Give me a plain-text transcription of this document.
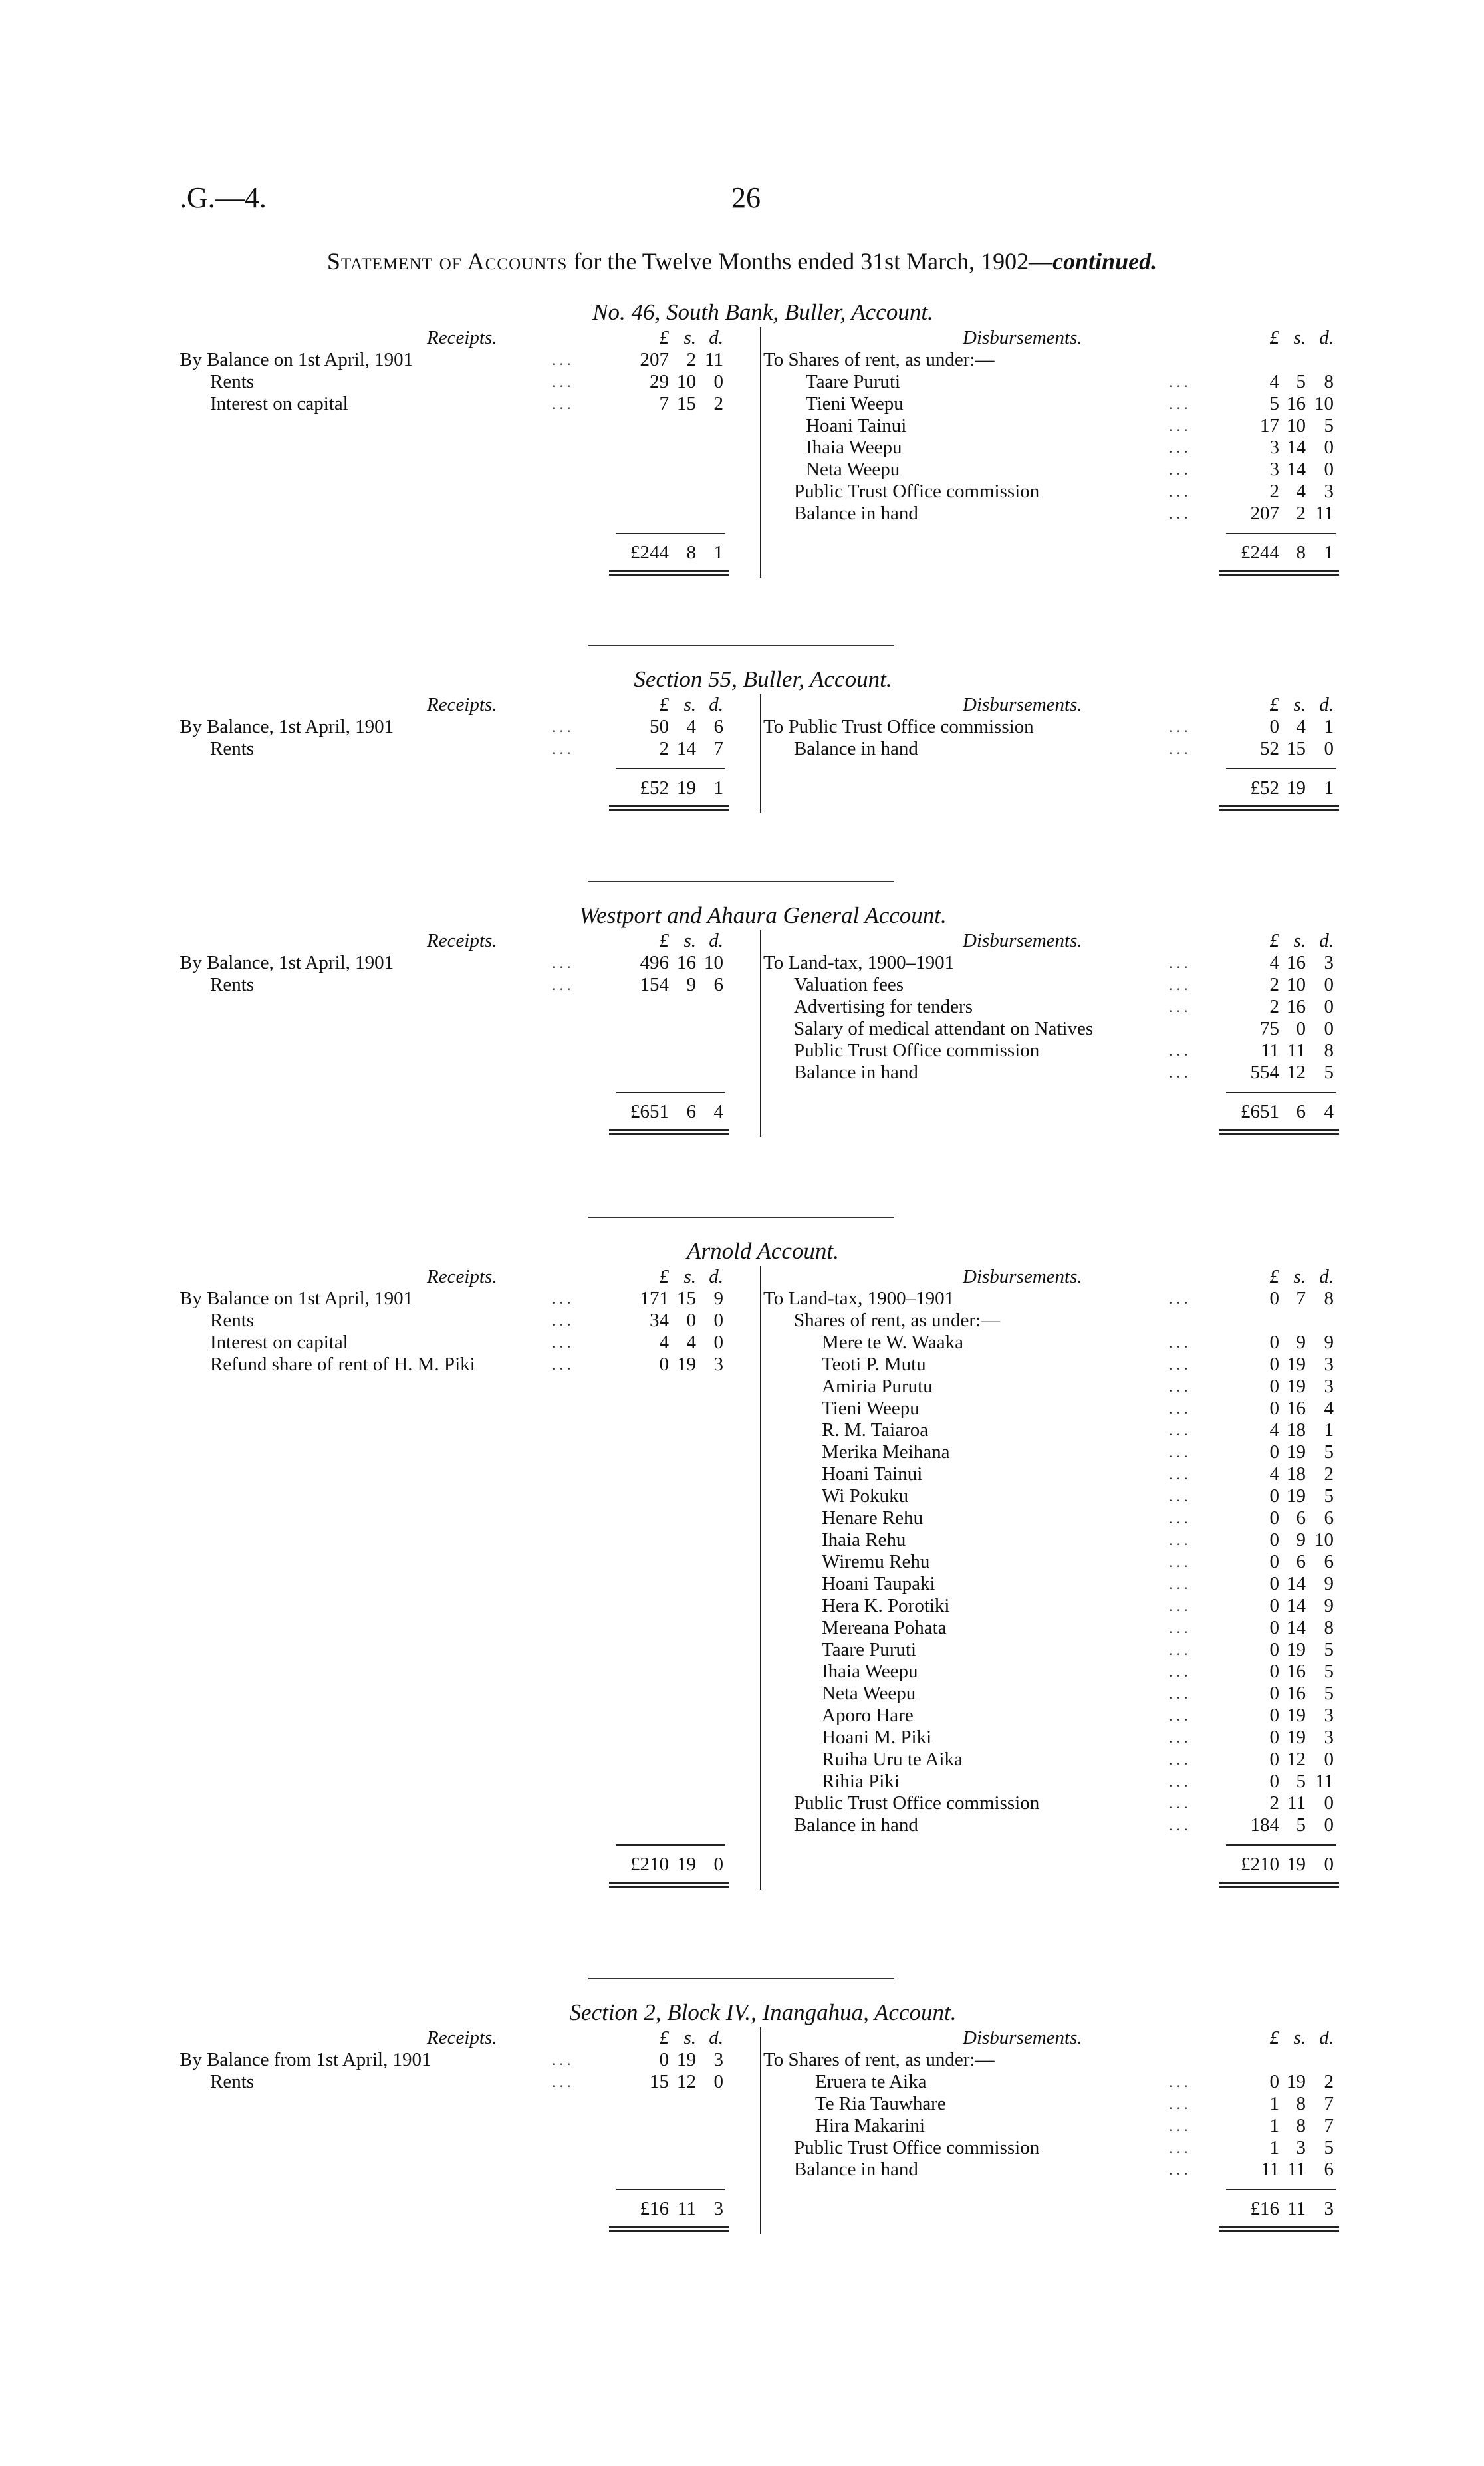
.G.—4.	26
Statement of Accounts for the Twelve Months ended 31st March, 1902—continued.
No. 46, South Bank, Buller, Account.
Receipts.	£ s. d.
By Balance on 1st April, 1901	...	207 2 11
Rents	...	29 10 0
Interest on capital	...	7 15 2
£244 8 1
Disbursements.	£ s. d.
To Shares of rent, as under:—
Taare Puruti	...	4 5 8
Tieni Weepu	...	5 16 10
Hoani Tainui	...	17 10 5
Ihaia Weepu	...	3 14 0
Neta Weepu	...	3 14 0
Public Trust Office commission	...	2 4 3
Balance in hand	...	207 2 11
£244 8 1
Section 55, Buller, Account.
Receipts.	£ s. d.
By Balance, 1st April, 1901	...	50 4 6
Rents	...	2 14 7
£52 19 1
Disbursements.	£ s. d.
To Public Trust Office commission	...	0 4 1
Balance in hand	...	52 15 0
£52 19 1
Westport and Ahaura General Account.
Receipts.	£ s. d.
By Balance, 1st April, 1901	...	496 16 10
Rents	...	154 9 6
£651 6 4
Disbursements.	£ s. d.
To Land-tax, 1900–1901	...	4 16 3
Valuation fees	...	2 10 0
Advertising for tenders	...	2 16 0
Salary of medical attendant on Natives	75 0 0
Public Trust Office commission	...	11 11 8
Balance in hand	...	554 12 5
£651 6 4
Arnold Account.
Receipts.	£ s. d.
By Balance on 1st April, 1901	...	171 15 9
Rents	...	34 0 0
Interest on capital	...	4 4 0
Refund share of rent of H. M. Piki	...	0 19 3
£210 19 0
Disbursements.	£ s. d.
To Land-tax, 1900–1901	...	0 7 8
Shares of rent, as under:—
Mere te W. Waaka	...	0 9 9
Teoti P. Mutu	...	0 19 3
Amiria Purutu	...	0 19 3
Tieni Weepu	...	0 16 4
R. M. Taiaroa	...	4 18 1
Merika Meihana	...	0 19 5
Hoani Tainui	...	4 18 2
Wi Pokuku	...	0 19 5
Henare Rehu	...	0 6 6
Ihaia Rehu	...	0 9 10
Wiremu Rehu	...	0 6 6
Hoani Taupaki	...	0 14 9
Hera K. Porotiki	...	0 14 9
Mereana Pohata	...	0 14 8
Taare Puruti	...	0 19 5
Ihaia Weepu	...	0 16 5
Neta Weepu	...	0 16 5
Aporo Hare	...	0 19 3
Hoani M. Piki	...	0 19 3
Ruiha Uru te Aika	...	0 12 0
Rihia Piki	...	0 5 11
Public Trust Office commission	...	2 11 0
Balance in hand	...	184 5 0
£210 19 0
Section 2, Block IV., Inangahua, Account.
Receipts.	£ s. d.
By Balance from 1st April, 1901	...	0 19 3
Rents	...	15 12 0
£16 11 3
Disbursements.	£ s. d.
To Shares of rent, as under:—
Eruera te Aika	...	0 19 2
Te Ria Tauwhare	...	1 8 7
Hira Makarini	...	1 8 7
Public Trust Office commission	...	1 3 5
Balance in hand	...	11 11 6
£16 11 3
